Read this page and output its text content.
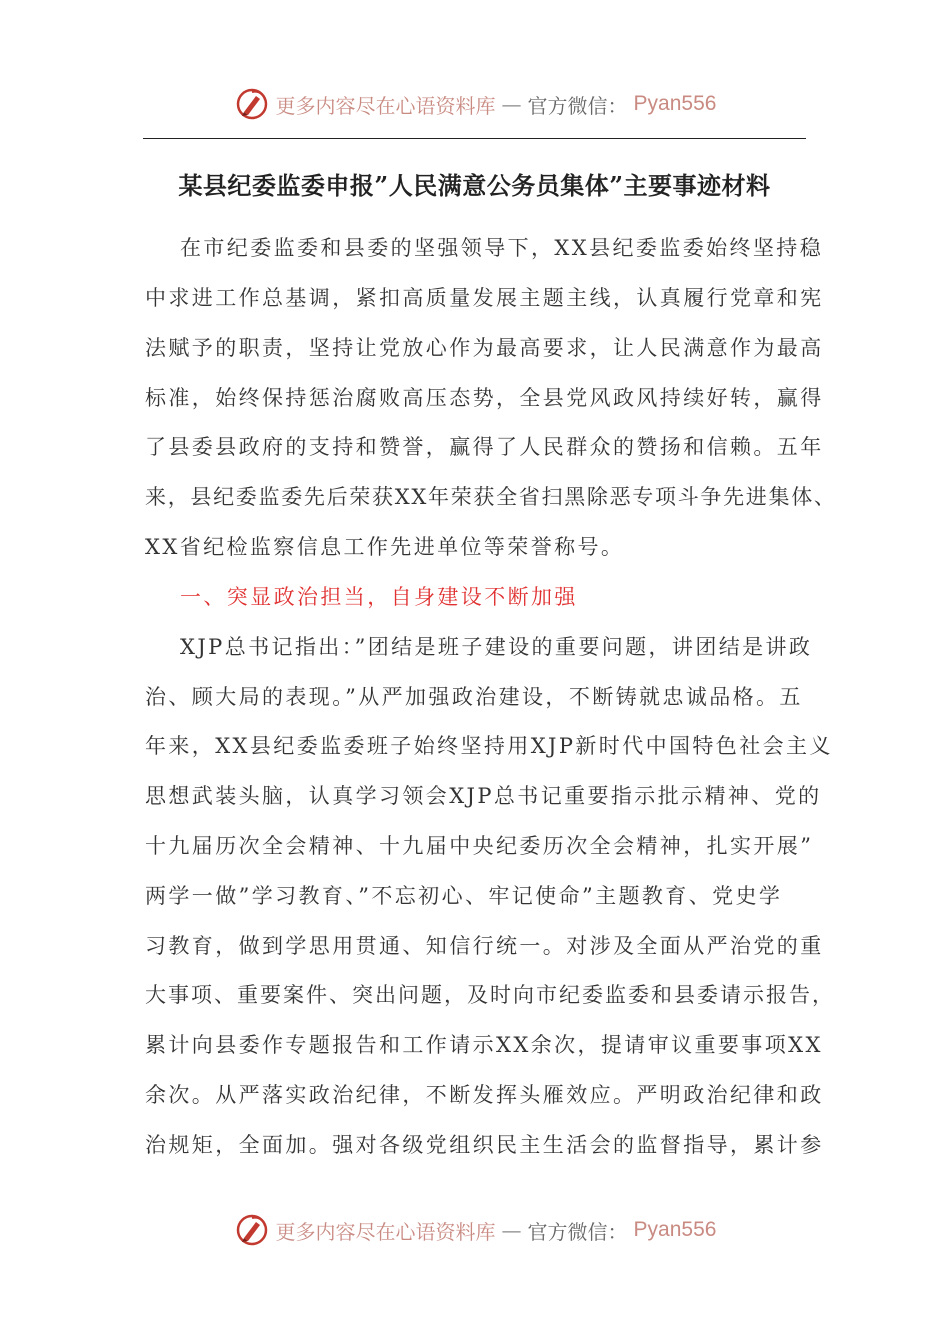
更多内容尽在心语资料库 — 官方微信： Pyan556
某县纪委监委申报”人民满意公务员集体”主要事迹材料
在市纪委监委和县委的坚强领导下，XX县纪委监委始终坚持稳
中求进工作总基调，紧扣高质量发展主题主线，认真履行党章和宪
法赋予的职责，坚持让党放心作为最高要求，让人民满意作为最高
标准，始终保持惩治腐败高压态势，全县党风政风持续好转，赢得
了县委县政府的支持和赞誉，赢得了人民群众的赞扬和信赖。五年
来，县纪委监委先后荣获XX年荣获全省扫黑除恶专项斗争先进集体、
XX省纪检监察信息工作先进单位等荣誉称号。
一、突显政治担当，自身建设不断加强
XJP总书记指出：”团结是班子建设的重要问题，讲团结是讲政
治、顾大局的表现。”从严加强政治建设，不断铸就忠诚品格。五
年来，XX县纪委监委班子始终坚持用XJP新时代中国特色社会主义
思想武装头脑，认真学习领会XJP总书记重要指示批示精神、党的
十九届历次全会精神、十九届中央纪委历次全会精神，扎实开展”
两学一做”学习教育、”不忘初心、牢记使命”主题教育、党史学
习教育，做到学思用贯通、知信行统一。对涉及全面从严治党的重
大事项、重要案件、突出问题，及时向市纪委监委和县委请示报告，
累计向县委作专题报告和工作请示XX余次，提请审议重要事项XX
余次。从严落实政治纪律，不断发挥头雁效应。严明政治纪律和政
治规矩，全面加。强对各级党组织民主生活会的监督指导，累计参
更多内容尽在心语资料库 — 官方微信： Pyan556
